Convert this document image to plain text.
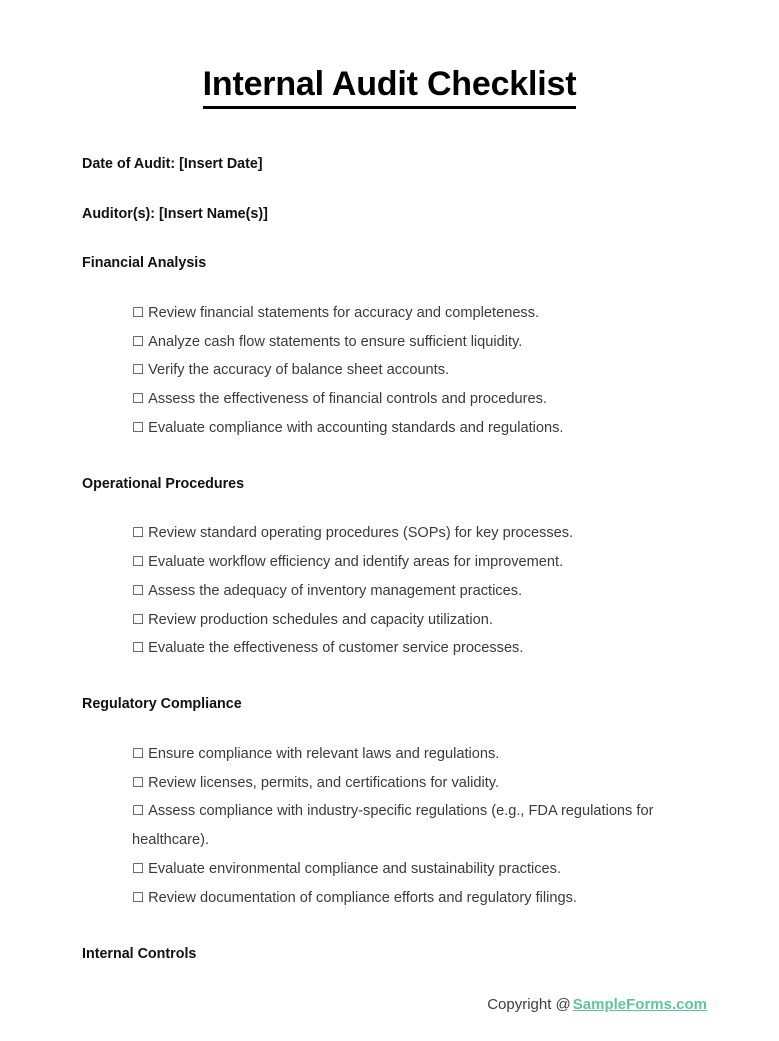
Internal Audit Checklist

Date of Audit: [Insert Date]

Auditor(s): [Insert Name(s)]

Financial Analysis
☐ Review financial statements for accuracy and completeness.
☐ Analyze cash flow statements to ensure sufficient liquidity.
☐ Verify the accuracy of balance sheet accounts.
☐ Assess the effectiveness of financial controls and procedures.
☐ Evaluate compliance with accounting standards and regulations.
Operational Procedures
☐ Review standard operating procedures (SOPs) for key processes.
☐ Evaluate workflow efficiency and identify areas for improvement.
☐ Assess the adequacy of inventory management practices.
☐ Review production schedules and capacity utilization.
☐ Evaluate the effectiveness of customer service processes.
Regulatory Compliance
☐ Ensure compliance with relevant laws and regulations.
☐ Review licenses, permits, and certifications for validity.
☐ Assess compliance with industry-specific regulations (e.g., FDA regulations for healthcare).
☐ Evaluate environmental compliance and sustainability practices.
☐ Review documentation of compliance efforts and regulatory filings.
Internal Controls
Copyright @ SampleForms.com
